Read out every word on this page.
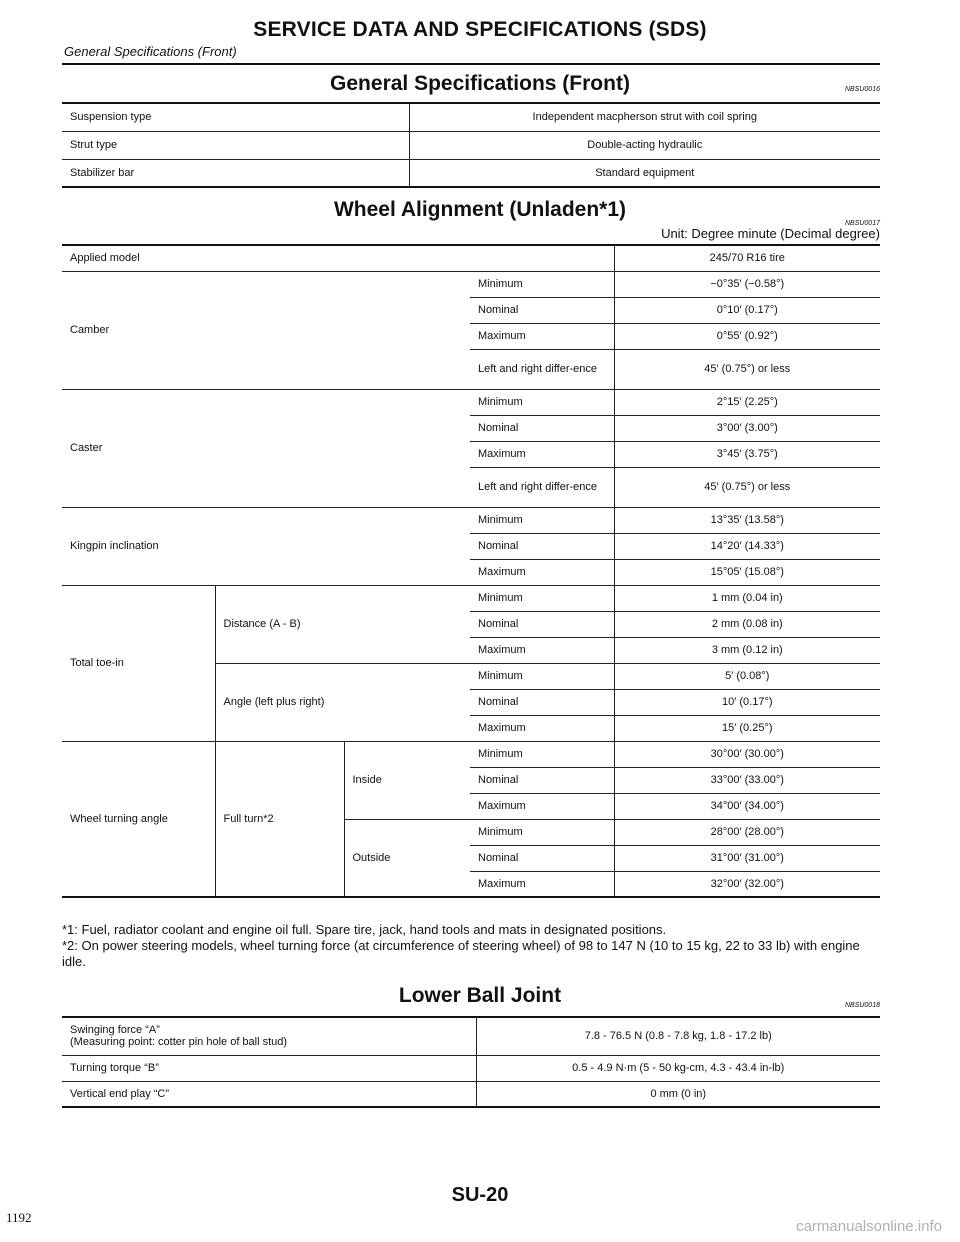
SERVICE DATA AND SPECIFICATIONS (SDS)
General Specifications (Front)
General Specifications (Front)	NBSU0016
Suspension type	Independent macpherson strut with coil spring
Strut type	Double-acting hydraulic
Stabilizer bar	Standard equipment
Wheel Alignment (Unladen*1)
NBSU0017
Unit: Degree minute (Decimal degree)
Applied model				245/70 R16 tire
Camber			Minimum	−0°35′ (−0.58°)
			Nominal	0°10′ (0.17°)
			Maximum	0°55′ (0.92°)
			Left and right differ-ence	45′ (0.75°) or less
Caster			Minimum	2°15′ (2.25°)
			Nominal	3°00′ (3.00°)
			Maximum	3°45′ (3.75°)
			Left and right differ-ence	45′ (0.75°) or less
Kingpin inclination			Minimum	13°35′ (13.58°)
			Nominal	14°20′ (14.33°)
			Maximum	15°05′ (15.08°)
Total toe-in	Distance (A - B)		Minimum	1 mm (0.04 in)
			Nominal	2 mm (0.08 in)
			Maximum	3 mm (0.12 in)
	Angle (left plus right)		Minimum	5′ (0.08°)
			Nominal	10′ (0.17°)
			Maximum	15′ (0.25°)
Wheel turning angle	Full turn*2	Inside	Minimum	30°00′ (30.00°)
			Nominal	33°00′ (33.00°)
			Maximum	34°00′ (34.00°)
		Outside	Minimum	28°00′ (28.00°)
			Nominal	31°00′ (31.00°)
			Maximum	32°00′ (32.00°)

*1: Fuel, radiator coolant and engine oil full. Spare tire, jack, hand tools and mats in designated positions.

*2: On power steering models, wheel turning force (at circumference of steering wheel) of 98 to 147 N (10 to 15 kg, 22 to 33 lb) with engine idle.

Lower Ball Joint	NBSU0018
Swinging force “A”
(Measuring point: cotter pin hole of ball stud)	7.8 - 76.5 N (0.8 - 7.8 kg, 1.8 - 17.2 lb)
Turning torque “B”	0.5 - 4.9 N·m (5 - 50 kg-cm, 4.3 - 43.4 in-lb)
Vertical end play “C”	0 mm (0 in)
SU-20
1192
carmanualsonline.info
